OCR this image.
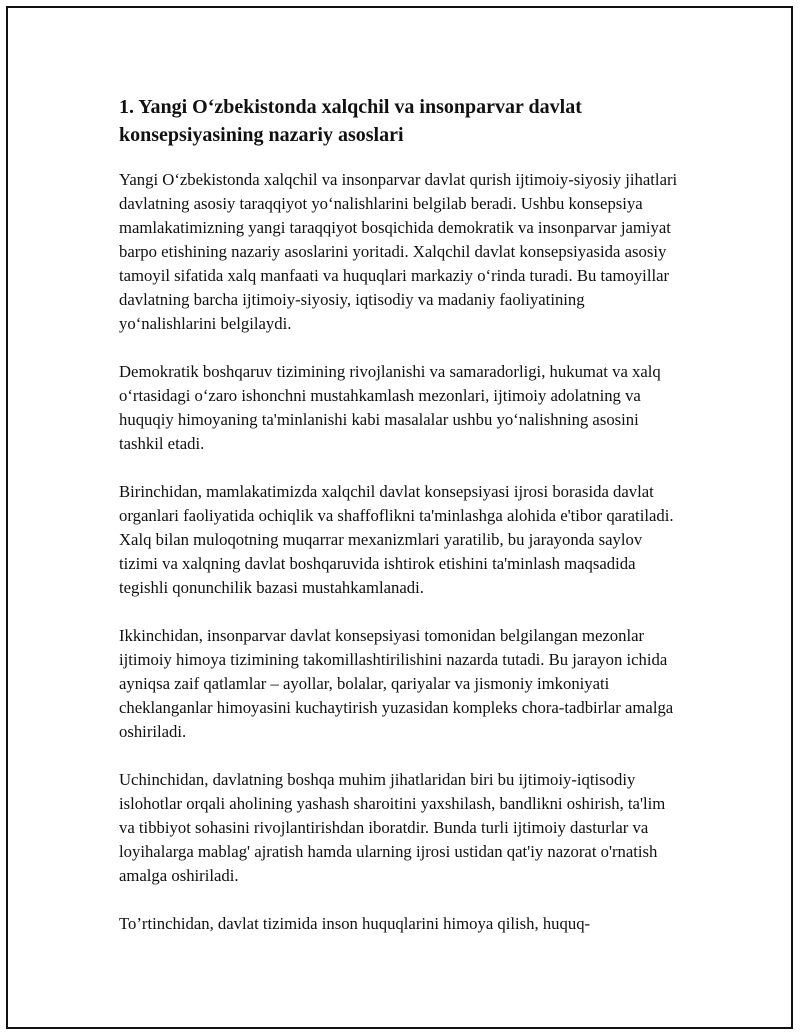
1. Yangi O‘zbekistonda xalqchil va insonparvar davlat konsepsiyasining nazariy asoslari

Yangi O‘zbekistonda xalqchil va insonparvar davlat qurish ijtimoiy-siyosiy jihatlari davlatning asosiy taraqqiyot yo‘nalishlarini belgilab beradi. Ushbu konsepsiya mamlakatimizning yangi taraqqiyot bosqichida demokratik va insonparvar jamiyat barpo etishining nazariy asoslarini yoritadi. Xalqchil davlat konsepsiyasida asosiy tamoyil sifatida xalq manfaati va huquqlari markaziy o‘rinda turadi. Bu tamoyillar davlatning barcha ijtimoiy-siyosiy, iqtisodiy va madaniy faoliyatining yo‘nalishlarini belgilaydi.

Demokratik boshqaruv tizimining rivojlanishi va samaradorligi, hukumat va xalq o‘rtasidagi o‘zaro ishonchni mustahkamlash mezonlari, ijtimoiy adolatning va huquqiy himoyaning ta'minlanishi kabi masalalar ushbu yo‘nalishning asosini tashkil etadi.

Birinchidan, mamlakatimizda xalqchil davlat konsepsiyasi ijrosi borasida davlat organlari faoliyatida ochiqlik va shaffoflikni ta'minlashga alohida e'tibor qaratiladi. Xalq bilan muloqotning muqarrar mexanizmlari yaratilib, bu jarayonda saylov tizimi va xalqning davlat boshqaruvida ishtirok etishini ta'minlash maqsadida tegishli qonunchilik bazasi mustahkamlanadi.

Ikkinchidan, insonparvar davlat konsepsiyasi tomonidan belgilangan mezonlar ijtimoiy himoya tizimining takomillashtirilishini nazarda tutadi. Bu jarayon ichida ayniqsa zaif qatlamlar – ayollar, bolalar, qariyalar va jismoniy imkoniyati cheklanganlar himoyasini kuchaytirish yuzasidan kompleks chora-tadbirlar amalga oshiriladi.

Uchinchidan, davlatning boshqa muhim jihatlaridan biri bu ijtimoiy-iqtisodiy islohotlar orqali aholining yashash sharoitini yaxshilash, bandlikni oshirish, ta'lim va tibbiyot sohasini rivojlantirishdan iboratdir. Bunda turli ijtimoiy dasturlar va loyihalarga mablag' ajratish hamda ularning ijrosi ustidan qat'iy nazorat o'rnatish amalga oshiriladi.

To’rtinchidan, davlat tizimida inson huquqlarini himoya qilish, huquq-
